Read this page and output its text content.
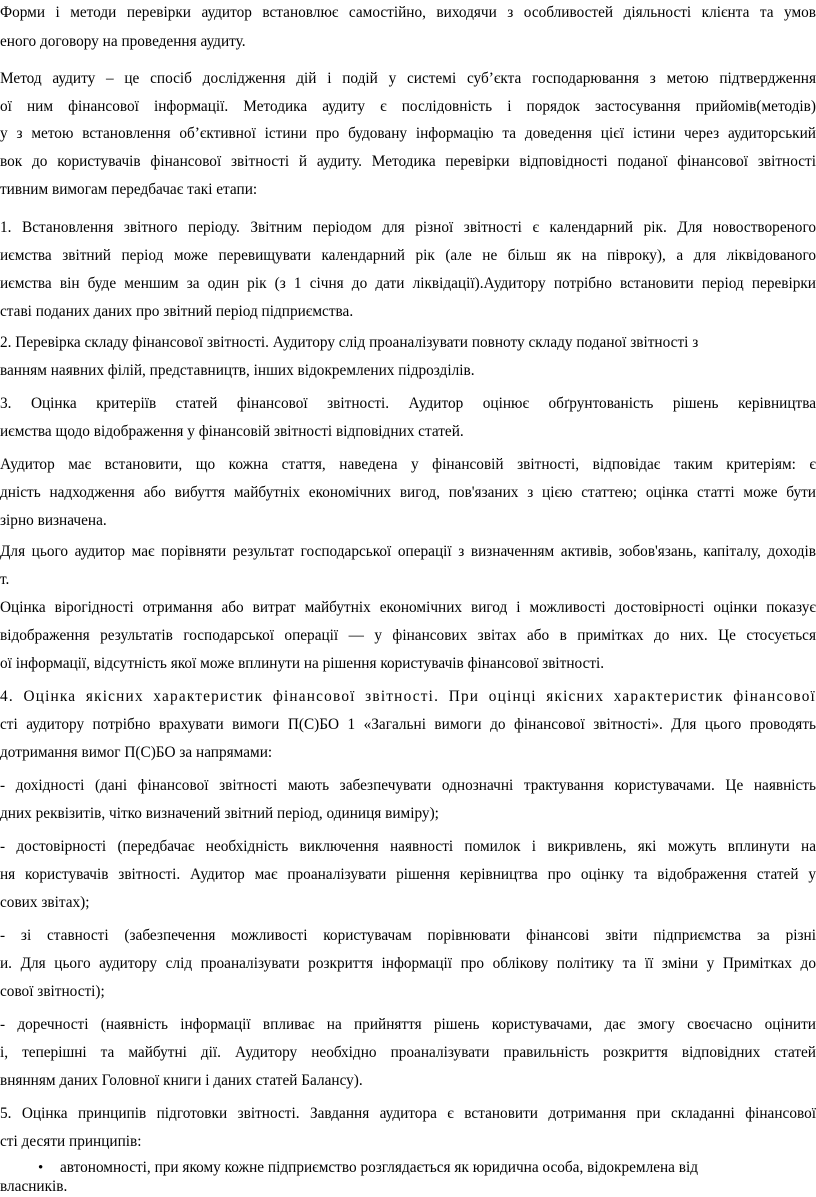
Форми і методи перевірки аудитор встановлює самостійно, виходячи з особливостей діяльності клієнта та умов
еного договору на проведення аудиту.
Метод аудиту – це спосіб дослідження дій і подій у системі суб’єкта господарювання з метою підтвердження
ої ним фінансової інформації. Методика аудиту є послідовність і порядок застосування прийомів(методів)
у з метою встановлення об’єктивної істини про будовану інформацію та доведення цієї істини через аудиторський
вок до користувачів фінансової звітності й аудиту. Методика перевірки відповідності поданої фінансової звітності
тивним вимогам передбачає такі етапи:
1. Встановлення звітного періоду. Звітним періодом для різної звітності є календарний рік. Для новоствореного
иємства звітний період може перевищувати календарний рік (але не більш як на півроку), а для ліквідованого
иємства він буде меншим за один рік (з 1 січня до дати ліквідації).Аудитору потрібно встановити період перевірки
ставі поданих даних про звітний період підприємства.
2. Перевірка складу фінансової звітності. Аудитору слід проаналізувати повноту складу поданої звітності з
ванням наявних філій, представництв, інших відокремлених підрозділів.
3. Оцінка критеріїв статей фінансової звітності. Аудитор оцінює обґрунтованість рішень керівництва
иємства щодо відображення у фінансовій звітності відповідних статей.
Аудитор має встановити, що кожна стаття, наведена у фінансовій звітності, відповідає таким критеріям: є
дність надходження або вибуття майбутніх економічних вигод, пов'язаних з цією статтею; оцінка статті може бути
зірно визначена.
Для цього аудитор має порівняти результат господарської операції з визначенням активів, зобов'язань, капіталу, доходів
т.
Оцінка вірогідності отримання або витрат майбутніх економічних вигод і можливості достовірності оцінки показує
відображення результатів господарської операції — у фінансових звітах або в примітках до них. Це стосується
ої інформації, відсутність якої може вплинути на рішення користувачів фінансової звітності.
4. Оцінка якісних характеристик фінансової звітності. При оцінці якісних характеристик фінансової
сті аудитору потрібно врахувати вимоги П(С)БО 1 «Загальні вимоги до фінансової звітності». Для цього проводять
дотримання вимог П(С)БО за напрямами:
- дохідності (дані фінансової звітності мають забезпечувати однозначні трактування користувачами. Це наявність
дних реквізитів, чітко визначений звітний період, одиниця виміру);
- достовірності (передбачає необхідність виключення наявності помилок і викривлень, які можуть вплинути на
ня користувачів звітності. Аудитор має проаналізувати рішення керівництва про оцінку та відображення статей у
сових звітах);
- зі ставності (забезпечення можливості користувачам порівнювати фінансові звіти підприємства за різні
и. Для цього аудитору слід проаналізувати розкриття інформації про облікову політику та її зміни у Примітках до
сової звітності);
- доречності (наявність інформації впливає на прийняття рішень користувачами, дає змогу своєчасно оцінити
і, теперішні та майбутні дії. Аудитору необхідно проаналізувати правильність розкриття відповідних статей
внянням даних Головної книги і даних статей Балансу).
5. Оцінка принципів підготовки звітності. Завдання аудитора є встановити дотримання при складанні фінансової
сті десяти принципів:
• автономності, при якому кожне підприємство розглядається як юридична особа, відокремлена від
власників.
